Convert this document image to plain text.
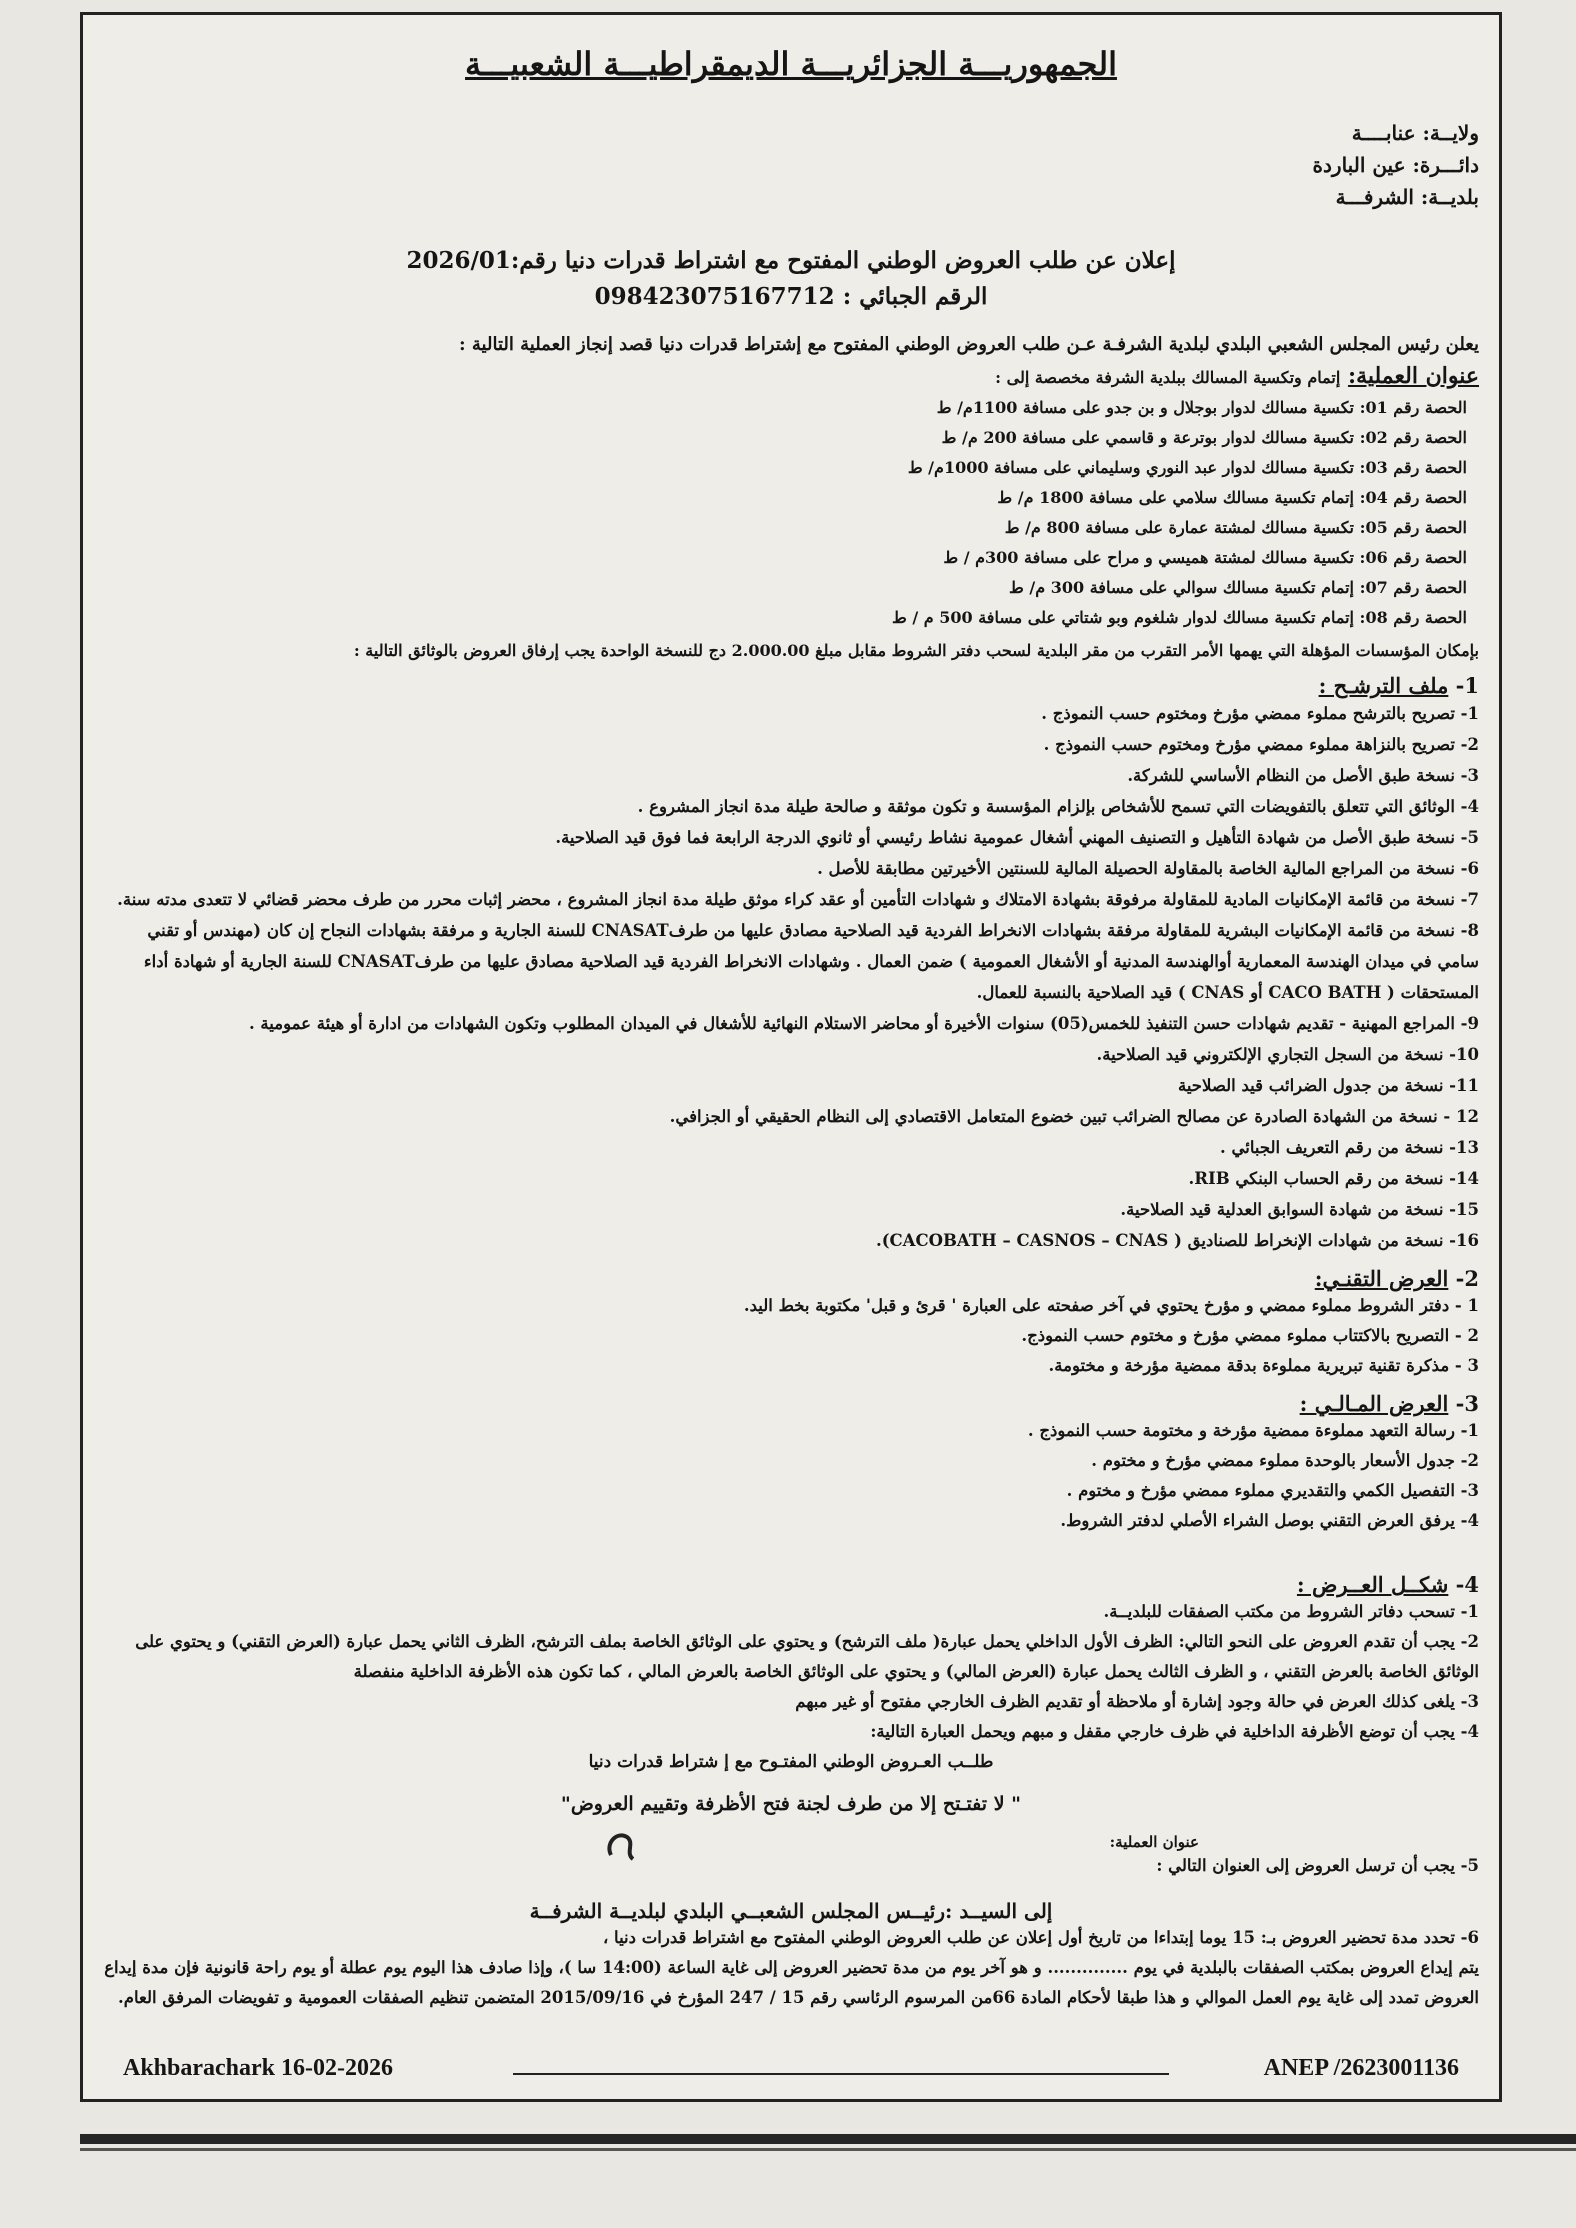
الجمهوريـــة الجزائريـــة الديمقراطيـــة الشعبيـــة
ولايــة: عنابــــة
دائـــرة: عين الباردة
بلديــة: الشرفـــة
إعلان عن طلب العروض الوطني المفتوح مع اشتراط قدرات دنيا رقم:2026/01
الرقم الجبائي : 098423075167712
يعلن رئيس المجلس الشعبي البلدي لبلدية الشرفـة عـن طلب العروض الوطني المفتوح مع إشتراط قدرات دنيا قصد إنجاز العملية التالية :
عنوان العملية: إتمام وتكسية المسالك ببلدية الشرفة مخصصة إلى :
الحصة رقم 01: تكسية مسالك لدوار بوجلال و بن جدو على مسافة 1100م/ ط
الحصة رقم 02: تكسية مسالك لدوار بوترعة و قاسمي على مسافة 200 م/ ط
الحصة رقم 03: تكسية مسالك لدوار عبد النوري وسليماني على مسافة 1000م/ ط
الحصة رقم 04: إتمام تكسية مسالك سلامي على مسافة 1800 م/ ط
الحصة رقم 05: تكسية مسالك لمشتة عمارة على مسافة 800 م/ ط
الحصة رقم 06: تكسية مسالك لمشتة هميسي و مراح على مسافة 300م / ط
الحصة رقم 07: إتمام تكسية مسالك سوالي على مسافة 300 م/ ط
الحصة رقم 08: إتمام تكسية مسالك لدوار شلغوم وبو شتاتي على مسافة 500 م / ط
بإمكان المؤسسات المؤهلة التي يهمها الأمر التقرب من مقر البلدية لسحب دفتر الشروط مقابل مبلغ 2.000.00 دج للنسخة الواحدة يجب إرفاق العروض بالوثائق التالية :
1- ملف الترشـح :
1- تصريح بالترشح مملوء ممضي مؤرخ ومختوم حسب النموذج .
2- تصريح بالنزاهة مملوء ممضي مؤرخ ومختوم حسب النموذج .
3- نسخة طبق الأصل من النظام الأساسي للشركة.
4- الوثائق التي تتعلق بالتفويضات التي تسمح للأشخاص بإلزام المؤسسة و تكون موثقة و صالحة طيلة مدة انجاز المشروع .
5- نسخة طبق الأصل من شهادة التأهيل و التصنيف المهني أشغال عمومية نشاط رئيسي أو ثانوي الدرجة الرابعة فما فوق قيد الصلاحية.
6- نسخة من المراجع المالية الخاصة بالمقاولة الحصيلة المالية للسنتين الأخيرتين مطابقة للأصل .
7- نسخة من قائمة الإمكانيات المادية للمقاولة مرفوقة بشهادة الامتلاك و شهادات التأمين أو عقد كراء موثق طيلة مدة انجاز المشروع ، محضر إثبات محرر من طرف محضر قضائي لا تتعدى مدته سنة.
8- نسخة من قائمة الإمكانيات البشرية للمقاولة مرفقة بشهادات الانخراط الفردية قيد الصلاحية مصادق عليها من طرفCNASAT للسنة الجارية و مرفقة بشهادات النجاح إن كان (مهندس أو تقني سامي في ميدان الهندسة المعمارية أوالهندسة المدنية أو الأشغال العمومية ) ضمن العمال . وشهادات الانخراط الفردية قيد الصلاحية مصادق عليها من طرفCNASAT للسنة الجارية أو شهادة أداء المستحقات ( CACO BATH أو CNAS ) قيد الصلاحية بالنسبة للعمال.
9- المراجع المهنية - تقديم شهادات حسن التنفيذ للخمس(05) سنوات الأخيرة أو محاضر الاستلام النهائية للأشغال في الميدان المطلوب وتكون الشهادات من ادارة أو هيئة عمومية .
10- نسخة من السجل التجاري الإلكتروني قيد الصلاحية.
11- نسخة من جدول الضرائب قيد الصلاحية
12 - نسخة من الشهادة الصادرة عن مصالح الضرائب تبين خضوع المتعامل الاقتصادي إلى النظام الحقيقي أو الجزافي.
13- نسخة من رقم التعريف الجبائي .
14- نسخة من رقم الحساب البنكي RIB.
15- نسخة من شهادة السوابق العدلية قيد الصلاحية.
16- نسخة من شهادات الإنخراط للصناديق ( CACOBATH – CASNOS – CNAS).
2- العرض التقنـي:
1 - دفتر الشروط مملوء ممضي و مؤرخ يحتوي في آخر صفحته على العبارة ' قرئ و قبل' مكتوبة بخط اليد.
2 - التصريح بالاكتتاب مملوء ممضي مؤرخ و مختوم حسب النموذج.
3 - مذكرة تقنية تبريرية مملوءة بدقة ممضية مؤرخة و مختومة.
3- العرض المـالـي :
1- رسالة التعهد مملوءة ممضية مؤرخة و مختومة حسب النموذج .
2- جدول الأسعار بالوحدة مملوء ممضي مؤرخ و مختوم .
3- التفصيل الكمي والتقديري مملوء ممضي مؤرخ و مختوم .
4- يرفق العرض التقني بوصل الشراء الأصلي لدفتر الشروط.
4- شكــل العــرض :
1- تسحب دفاتر الشروط من مكتب الصفقات للبلديــة.
2- يجب أن تقدم العروض على النحو التالي: الظرف الأول الداخلي يحمل عبارة( ملف الترشح) و يحتوي على الوثائق الخاصة بملف الترشح، الظرف الثاني يحمل عبارة (العرض التقني) و يحتوي على الوثائق الخاصة بالعرض التقني ، و الظرف الثالث يحمل عبارة (العرض المالي) و يحتوي على الوثائق الخاصة بالعرض المالي ، كما تكون هذه الأظرفة الداخلية منفصلة
3- يلغى كذلك العرض في حالة وجود إشارة أو ملاحظة أو تقديم الظرف الخارجي مفتوح أو غير مبهم
4- يجب أن توضع الأظرفة الداخلية في ظرف خارجي مقفل و مبهم ويحمل العبارة التالية:
طلــب العـروض الوطني المفتـوح مع إ شتراط قدرات دنيا
" لا تفتـتح إلا من طرف لجنة فتح الأظرفة وتقييم العروض"
عنوان العملية:
5- يجب أن ترسل العروض إلى العنوان التالي :
إلى السيــد :رئيــس المجلس الشعبــي البلدي لبلديــة الشرفــة
6- تحدد مدة تحضير العروض بـ: 15 يوما إبتداءا من تاريخ أول إعلان عن طلب العروض الوطني المفتوح مع اشتراط قدرات دنيا ،
يتم إيداع العروض بمكتب الصفقات بالبلدية في يوم .............. و هو آخر يوم من مدة تحضير العروض إلى غاية الساعة (14:00 سا )، وإذا صادف هذا اليوم يوم عطلة أو يوم راحة قانونية فإن مدة إيداع العروض تمدد إلى غاية يوم العمل الموالي و هذا طبقا لأحكام المادة 66من المرسوم الرئاسي رقم 15 / 247 المؤرخ في 2015/09/16 المتضمن تنظيم الصفقات العمومية و تفويضات المرفق العام.
Akhbarachark 16-02-2026	ANEP /2623001136
